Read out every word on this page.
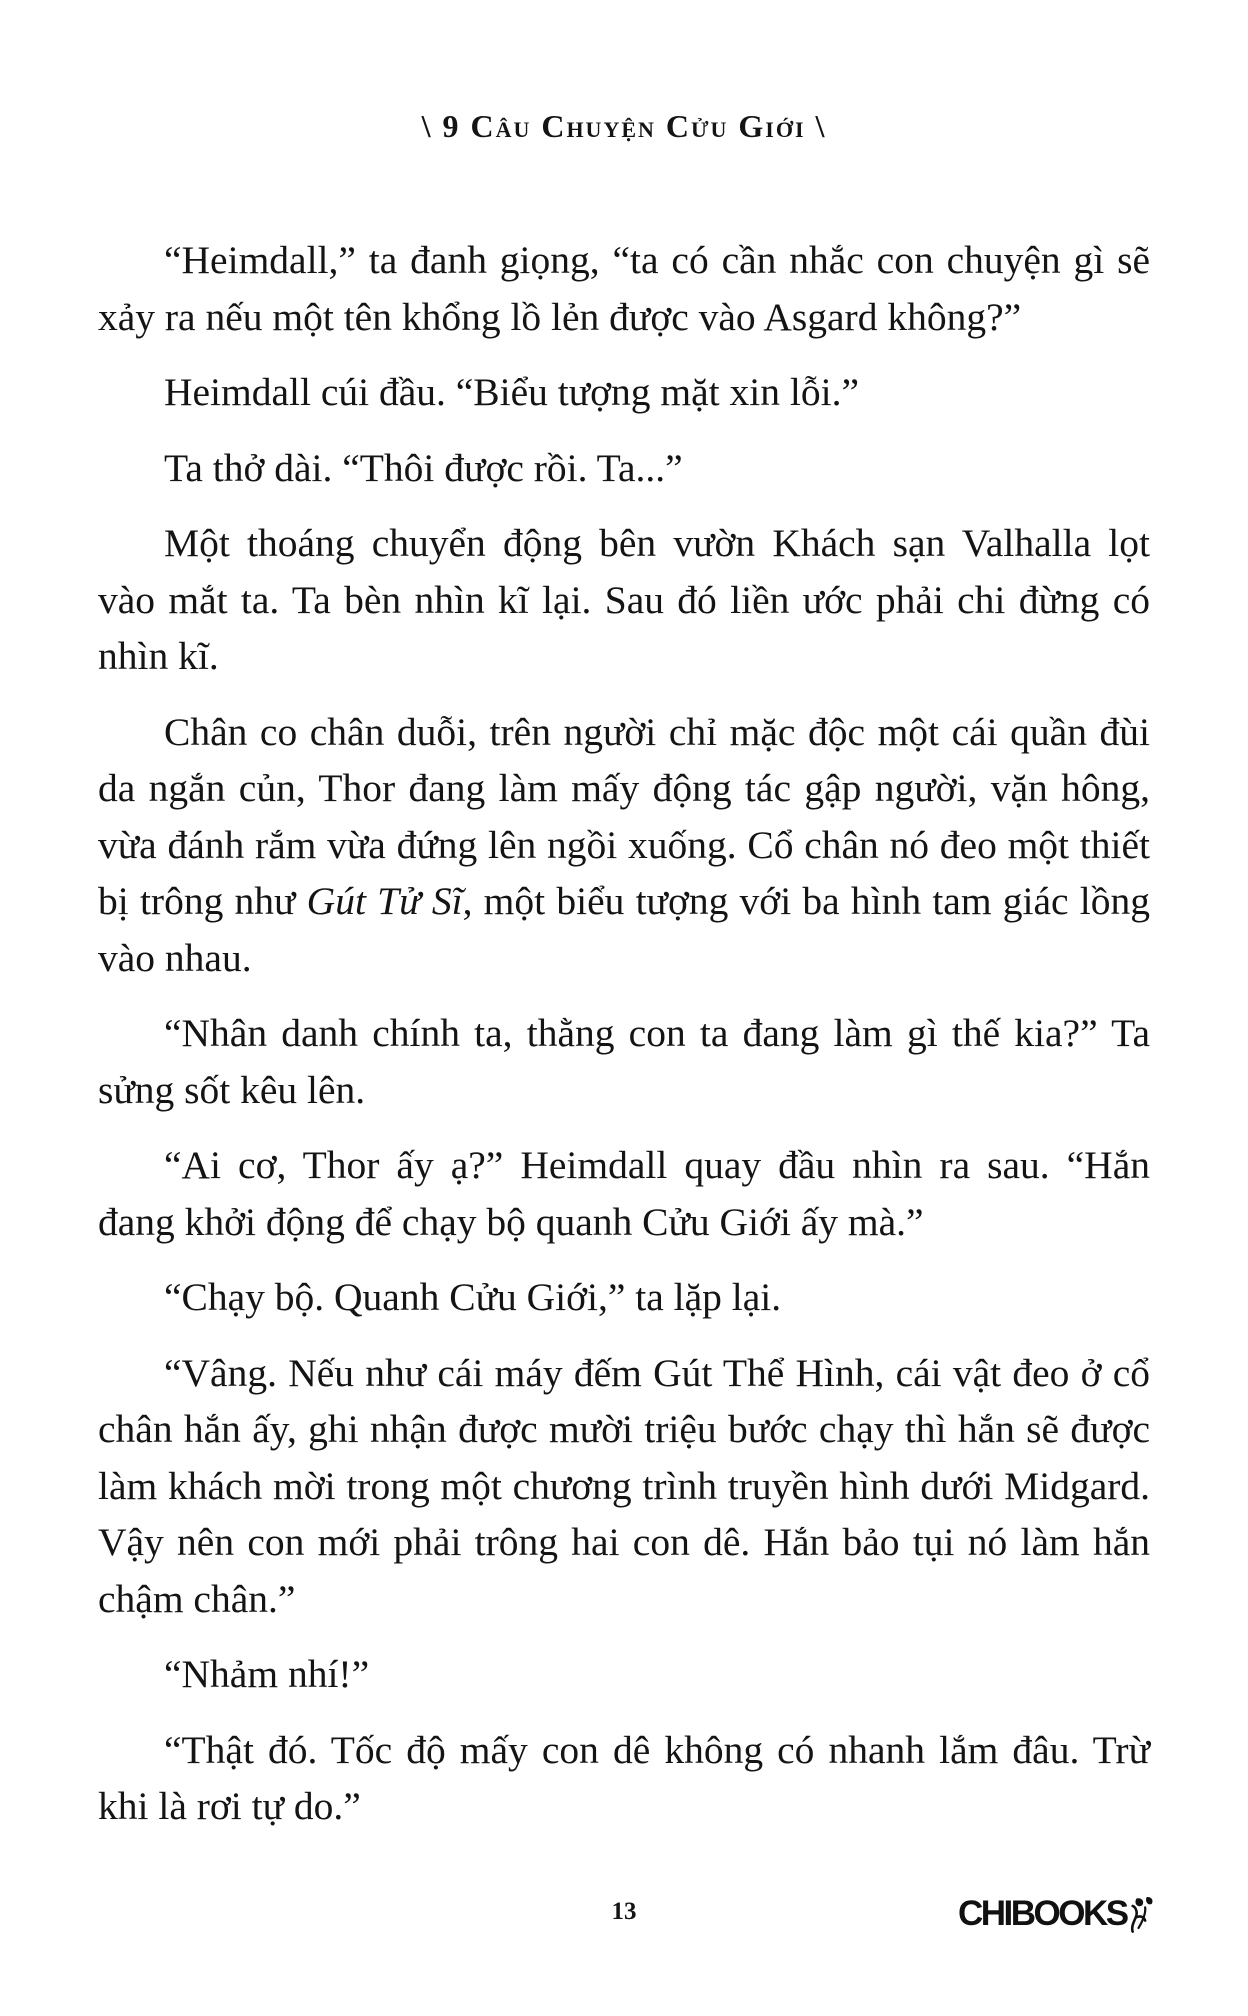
\ 9 Câu Chuyện Cửu Giới \

“Heimdall,” ta đanh giọng, “ta có cần nhắc con chuyện gì sẽ xảy ra nếu một tên khổng lồ lẻn được vào Asgard không?”

Heimdall cúi đầu. “Biểu tượng mặt xin lỗi.”

Ta thở dài. “Thôi được rồi. Ta...”

Một thoáng chuyển động bên vườn Khách sạn Valhalla lọt vào mắt ta. Ta bèn nhìn kĩ lại. Sau đó liền ước phải chi đừng có nhìn kĩ.

Chân co chân duỗi, trên người chỉ mặc độc một cái quần đùi da ngắn củn, Thor đang làm mấy động tác gập người, vặn hông, vừa đánh rắm vừa đứng lên ngồi xuống. Cổ chân nó đeo một thiết bị trông như Gút Tử Sĩ, một biểu tượng với ba hình tam giác lồng vào nhau.

“Nhân danh chính ta, thằng con ta đang làm gì thế kia?” Ta sửng sốt kêu lên.

“Ai cơ, Thor ấy ạ?” Heimdall quay đầu nhìn ra sau. “Hắn đang khởi động để chạy bộ quanh Cửu Giới ấy mà.”

“Chạy bộ. Quanh Cửu Giới,” ta lặp lại.

“Vâng. Nếu như cái máy đếm Gút Thể Hình, cái vật đeo ở cổ chân hắn ấy, ghi nhận được mười triệu bước chạy thì hắn sẽ được làm khách mời trong một chương trình truyền hình dưới Midgard. Vậy nên con mới phải trông hai con dê. Hắn bảo tụi nó làm hắn chậm chân.”

“Nhảm nhí!”

“Thật đó. Tốc độ mấy con dê không có nhanh lắm đâu. Trừ khi là rơi tự do.”

13	CHIBOOKS
